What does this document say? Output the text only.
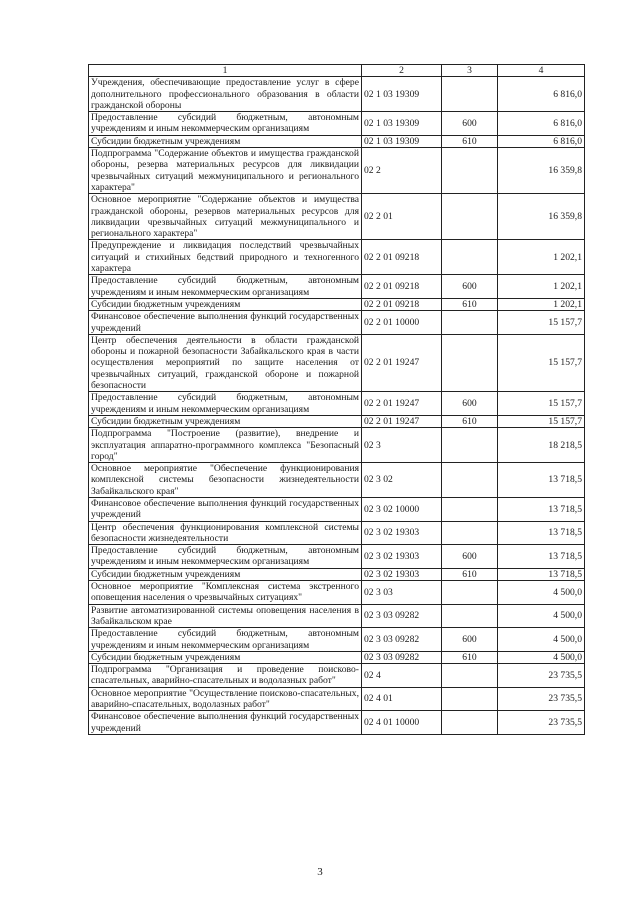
1	2	3	4
Учреждения, обеспечивающие предоставление услуг в сфере дополнительного профессионального образования в области гражданской обороны	02 1 03 19309		6 816,0
Предоставление субсидий бюджетным, автономным учреждениям и иным некоммерческим организациям	02 1 03 19309	600	6 816,0
Субсидии бюджетным учреждениям	02 1 03 19309	610	6 816,0
Подпрограмма "Содержание объектов и имущества гражданской обороны, резерва материальных ресурсов для ликвидации чрезвычайных ситуаций межмуниципального и регионального характера"	02 2		16 359,8
Основное мероприятие "Содержание объектов и имущества гражданской обороны, резервов материальных ресурсов для ликвидации чрезвычайных ситуаций межмуниципального и регионального характера"	02 2 01		16 359,8
Предупреждение и ликвидация последствий чрезвычайных ситуаций и стихийных бедствий природного и техногенного характера	02 2 01 09218		1 202,1
Предоставление субсидий бюджетным, автономным учреждениям и иным некоммерческим организациям	02 2 01 09218	600	1 202,1
Субсидии бюджетным учреждениям	02 2 01 09218	610	1 202,1
Финансовое обеспечение выполнения функций государственных учреждений	02 2 01 10000		15 157,7
Центр обеспечения деятельности в области гражданской обороны и пожарной безопасности Забайкальского края в части осуществления мероприятий по защите населения от чрезвычайных ситуаций, гражданской обороне и пожарной безопасности	02 2 01 19247		15 157,7
Предоставление субсидий бюджетным, автономным учреждениям и иным некоммерческим организациям	02 2 01 19247	600	15 157,7
Субсидии бюджетным учреждениям	02 2 01 19247	610	15 157,7
Подпрограмма "Построение (развитие), внедрение и эксплуатация аппаратно-программного комплекса "Безопасный город"	02 3		18 218,5
Основное мероприятие "Обеспечение функционирования комплексной системы безопасности жизнедеятельности Забайкальского края"	02 3 02		13 718,5
Финансовое обеспечение выполнения функций государственных учреждений	02 3 02 10000		13 718,5
Центр обеспечения функционирования комплексной системы безопасности жизнедеятельности	02 3 02 19303		13 718,5
Предоставление субсидий бюджетным, автономным учреждениям и иным некоммерческим организациям	02 3 02 19303	600	13 718,5
Субсидии бюджетным учреждениям	02 3 02 19303	610	13 718,5
Основное мероприятие "Комплексная система экстренного оповещения населения о чрезвычайных ситуациях"	02 3 03		4 500,0
Развитие автоматизированной системы оповещения населения в Забайкальском крае	02 3 03 09282		4 500,0
Предоставление субсидий бюджетным, автономным учреждениям и иным некоммерческим организациям	02 3 03 09282	600	4 500,0
Субсидии бюджетным учреждениям	02 3 03 09282	610	4 500,0
Подпрограмма "Организация и проведение поисково-спасательных, аварийно-спасательных и водолазных работ"	02 4		23 735,5
Основное мероприятие "Осуществление поисково-спасательных, аварийно-спасательных, водолазных работ"	02 4 01		23 735,5
Финансовое обеспечение выполнения функций государственных учреждений	02 4 01 10000		23 735,5
3
